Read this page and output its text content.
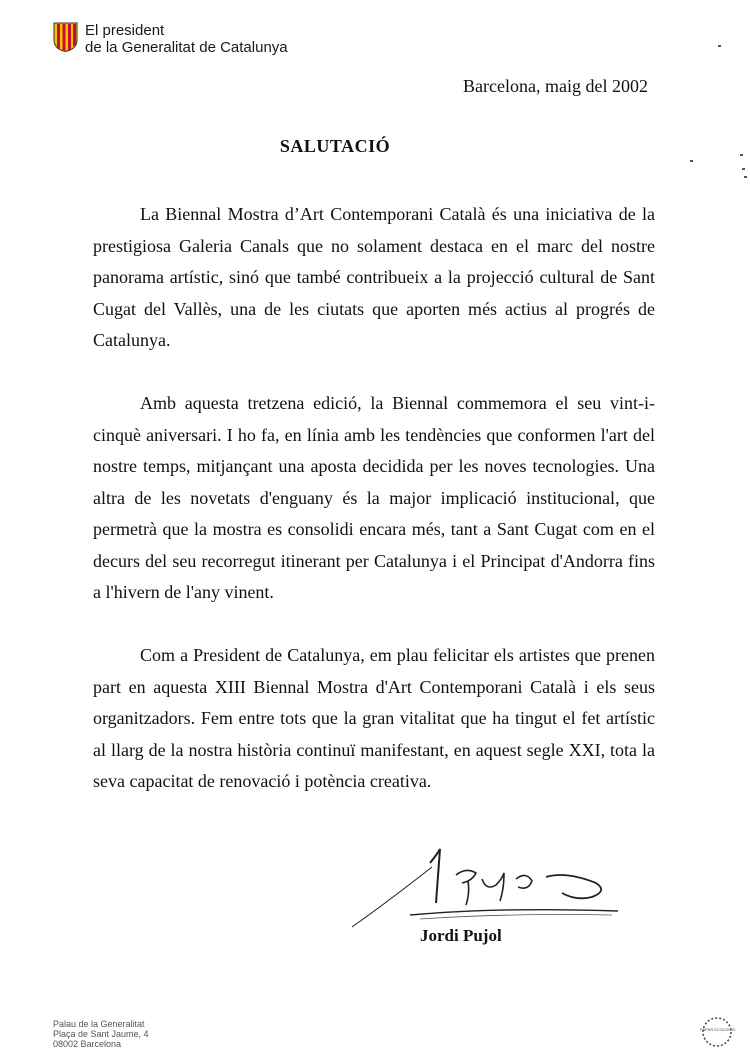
El president
de la Generalitat de Catalunya
Barcelona, maig del 2002
SALUTACIÓ

La Biennal Mostra d’Art Contemporani Català és una iniciativa de la prestigiosa Galeria Canals que no solament destaca en el marc del nostre panorama artístic, sinó que també contribueix a la projecció cultural de Sant Cugat del Vallès, una de les ciutats que aporten més actius al progrés de Catalunya.

Amb aquesta tretzena edició, la Biennal commemora el seu vint-i-cinquè aniversari. I ho fa, en línia amb les tendències que conformen l'art del nostre temps, mitjançant una aposta decidida per les noves tecnologies. Una altra de les novetats d'enguany és la major implicació institucional, que permetrà que la mostra es consolidi encara més, tant a Sant Cugat com en el decurs del seu recorregut itinerant per Catalunya i el Principat d'Andorra fins a l'hivern de l'any vinent.

Com a President de Catalunya, em plau felicitar els artistes que prenen part en aquesta XIII Biennal Mostra d'Art Contemporani Català i els seus organitzadors. Fem entre tots que la gran vitalitat que ha tingut el fet artístic al llarg de la nostra història continuï manifestant, en aquest segle XXI, tota la seva capacitat de renovació i potència creativa.

Jordi Pujol
Palau de la Generalitat
Plaça de Sant Jaume, 4
08002 Barcelona
PAPER ECOLOGIC
